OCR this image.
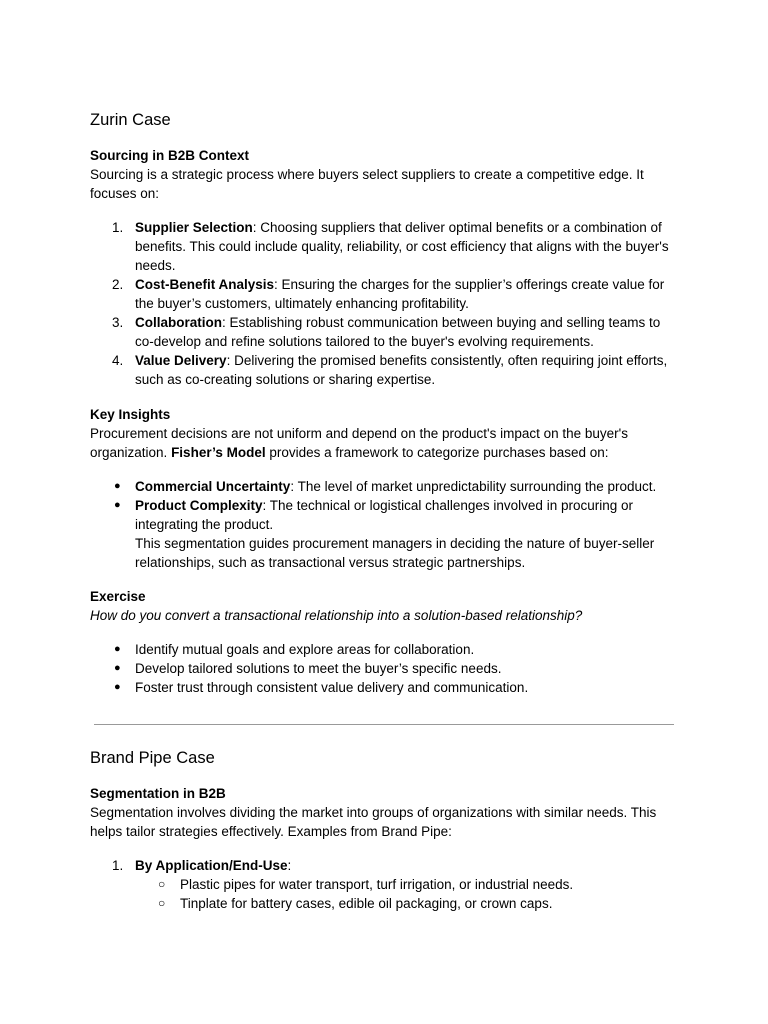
Zurin Case
Sourcing in B2B Context

Sourcing is a strategic process where buyers select suppliers to create a competitive edge. It focuses on:

1. Supplier Selection: Choosing suppliers that deliver optimal benefits or a combination of benefits. This could include quality, reliability, or cost efficiency that aligns with the buyer's needs.
2. Cost-Benefit Analysis: Ensuring the charges for the supplier’s offerings create value for the buyer’s customers, ultimately enhancing profitability.
3. Collaboration: Establishing robust communication between buying and selling teams to co-develop and refine solutions tailored to the buyer's evolving requirements.
4. Value Delivery: Delivering the promised benefits consistently, often requiring joint efforts, such as co-creating solutions or sharing expertise.
Key Insights

Procurement decisions are not uniform and depend on the product's impact on the buyer's organization. Fisher’s Model provides a framework to categorize purchases based on:

● Commercial Uncertainty: The level of market unpredictability surrounding the product.
● Product Complexity: The technical or logistical challenges involved in procuring or integrating the product.
This segmentation guides procurement managers in deciding the nature of buyer-seller relationships, such as transactional versus strategic partnerships.
Exercise

How do you convert a transactional relationship into a solution-based relationship?

● Identify mutual goals and explore areas for collaboration.
● Develop tailored solutions to meet the buyer’s specific needs.
● Foster trust through consistent value delivery and communication.
Brand Pipe Case
Segmentation in B2B

Segmentation involves dividing the market into groups of organizations with similar needs. This helps tailor strategies effectively. Examples from Brand Pipe:

1. By Application/End-Use:
○ Plastic pipes for water transport, turf irrigation, or industrial needs.
○ Tinplate for battery cases, edible oil packaging, or crown caps.
